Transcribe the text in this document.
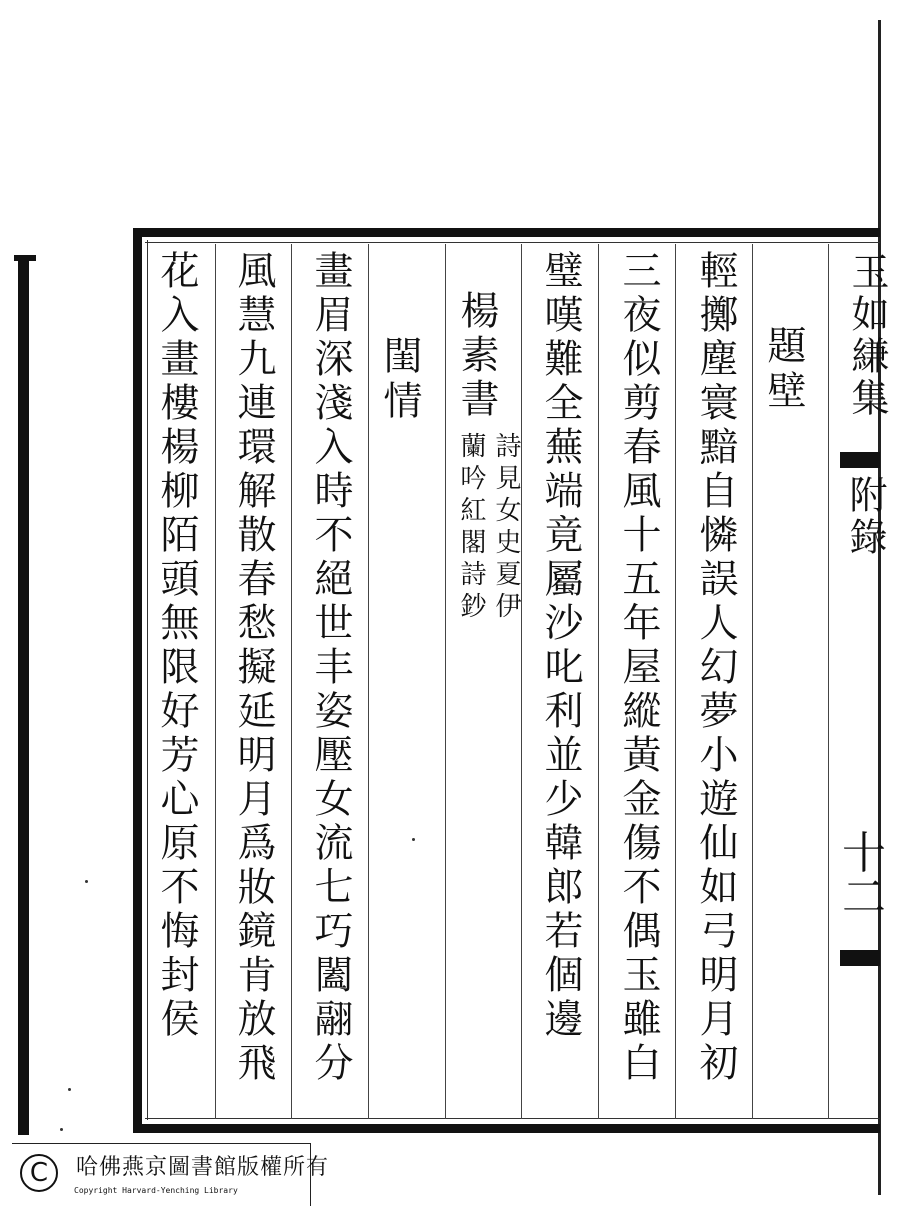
題壁
輕擲塵寰黯自憐誤人幻夢小遊仙如弓明月初
三夜似剪春風十五年屋縱黃金傷不偶玉雖白
璧嘆難全蕪端竟屬沙叱利並少韓郎若個邊
楊素書
詩見女史夏伊
蘭吟紅閣詩鈔
閨情
畫眉深淺入時不絕世丰姿壓女流七巧闔翮分
風慧九連環解散春愁擬延明月爲妝鏡肯放飛
花入畫樓楊柳陌頭無限好芳心原不悔封侯	玉如縑集
附錄
十二
C	哈佛燕京圖書館版權所有
Copyright Harvard-Yenching Library
